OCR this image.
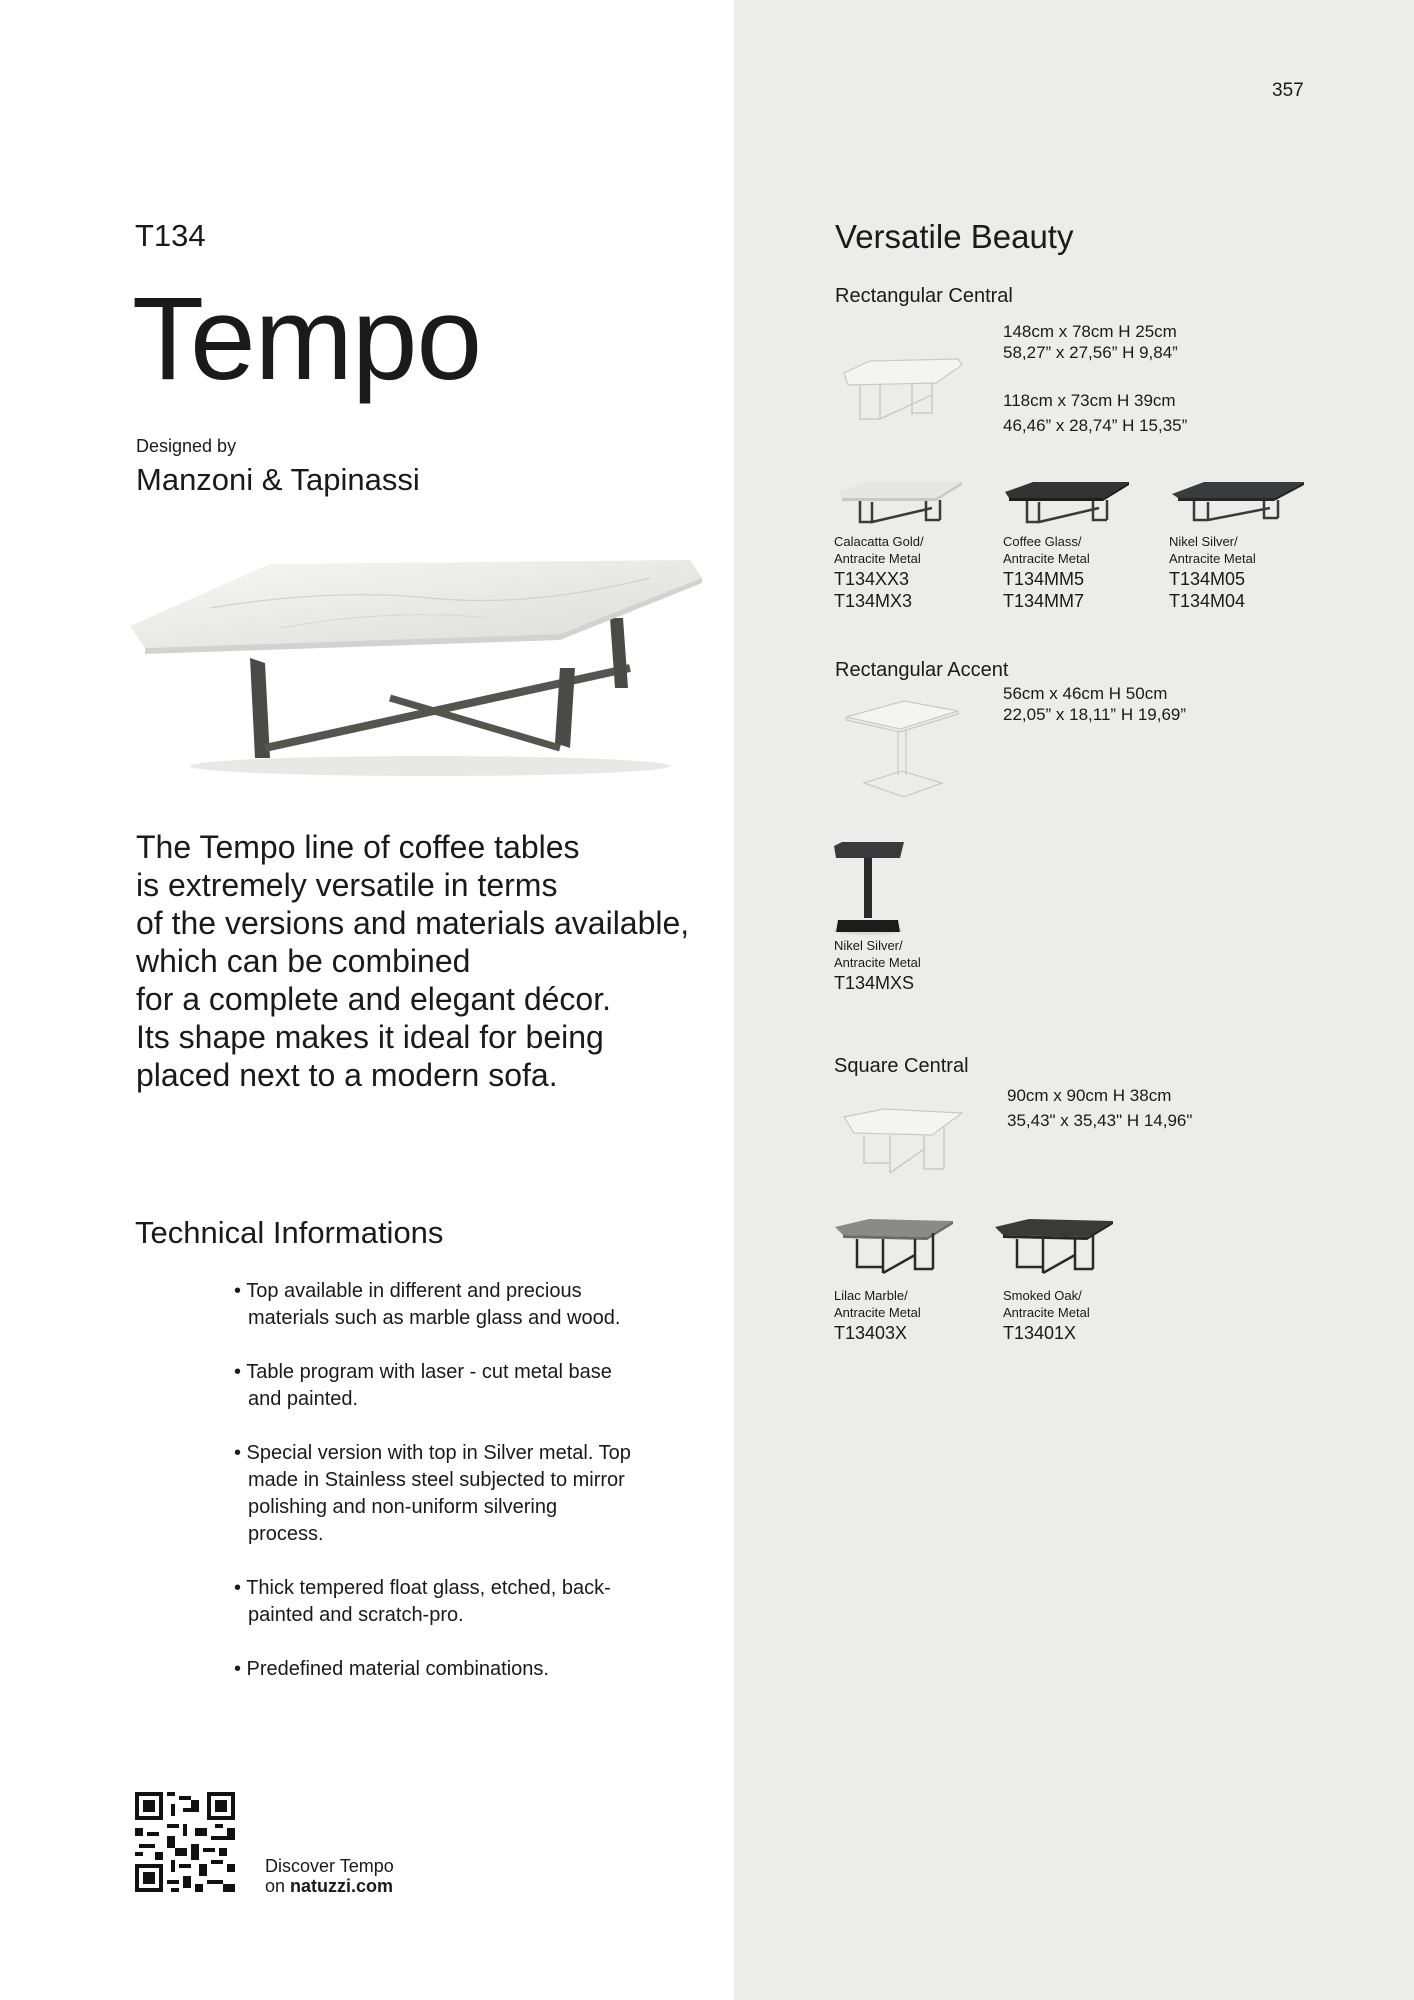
357
T134
Tempo
Designed by
Manzoni & Tapinassi
The Tempo line of coffee tables
is extremely versatile in terms
of the versions and materials available,
which can be combined
for a complete and elegant décor.
Its shape makes it ideal for being
placed next to a modern sofa.
Technical Informations
• Top available in different and precious materials such as marble glass and wood.
• Table program with laser - cut metal base and painted.
• Special version with top in Silver metal. Top made in Stainless steel subjected to mirror polishing and non-uniform silvering process.
• Thick tempered float glass, etched, back-painted and scratch-pro.
• Predefined material combinations.
Discover Tempo
on natuzzi.com
Versatile Beauty
Rectangular Central
148cm x 78cm H 25cm
58,27” x 27,56” H 9,84”
118cm x 73cm H 39cm
46,46” x 28,74” H 15,35”
Calacatta Gold/
Antracite Metal
T134XX3
T134MX3
Coffee Glass/
Antracite Metal
T134MM5
T134MM7
Nikel Silver/
Antracite Metal
T134M05
T134M04
Rectangular Accent
56cm x 46cm H 50cm
22,05” x 18,11” H 19,69”
Nikel Silver/
Antracite Metal
T134MXS
Square Central
90cm x 90cm H 38cm
35,43" x 35,43" H 14,96"
Lilac Marble/
Antracite Metal
T13403X
Smoked Oak/
Antracite Metal
T13401X
